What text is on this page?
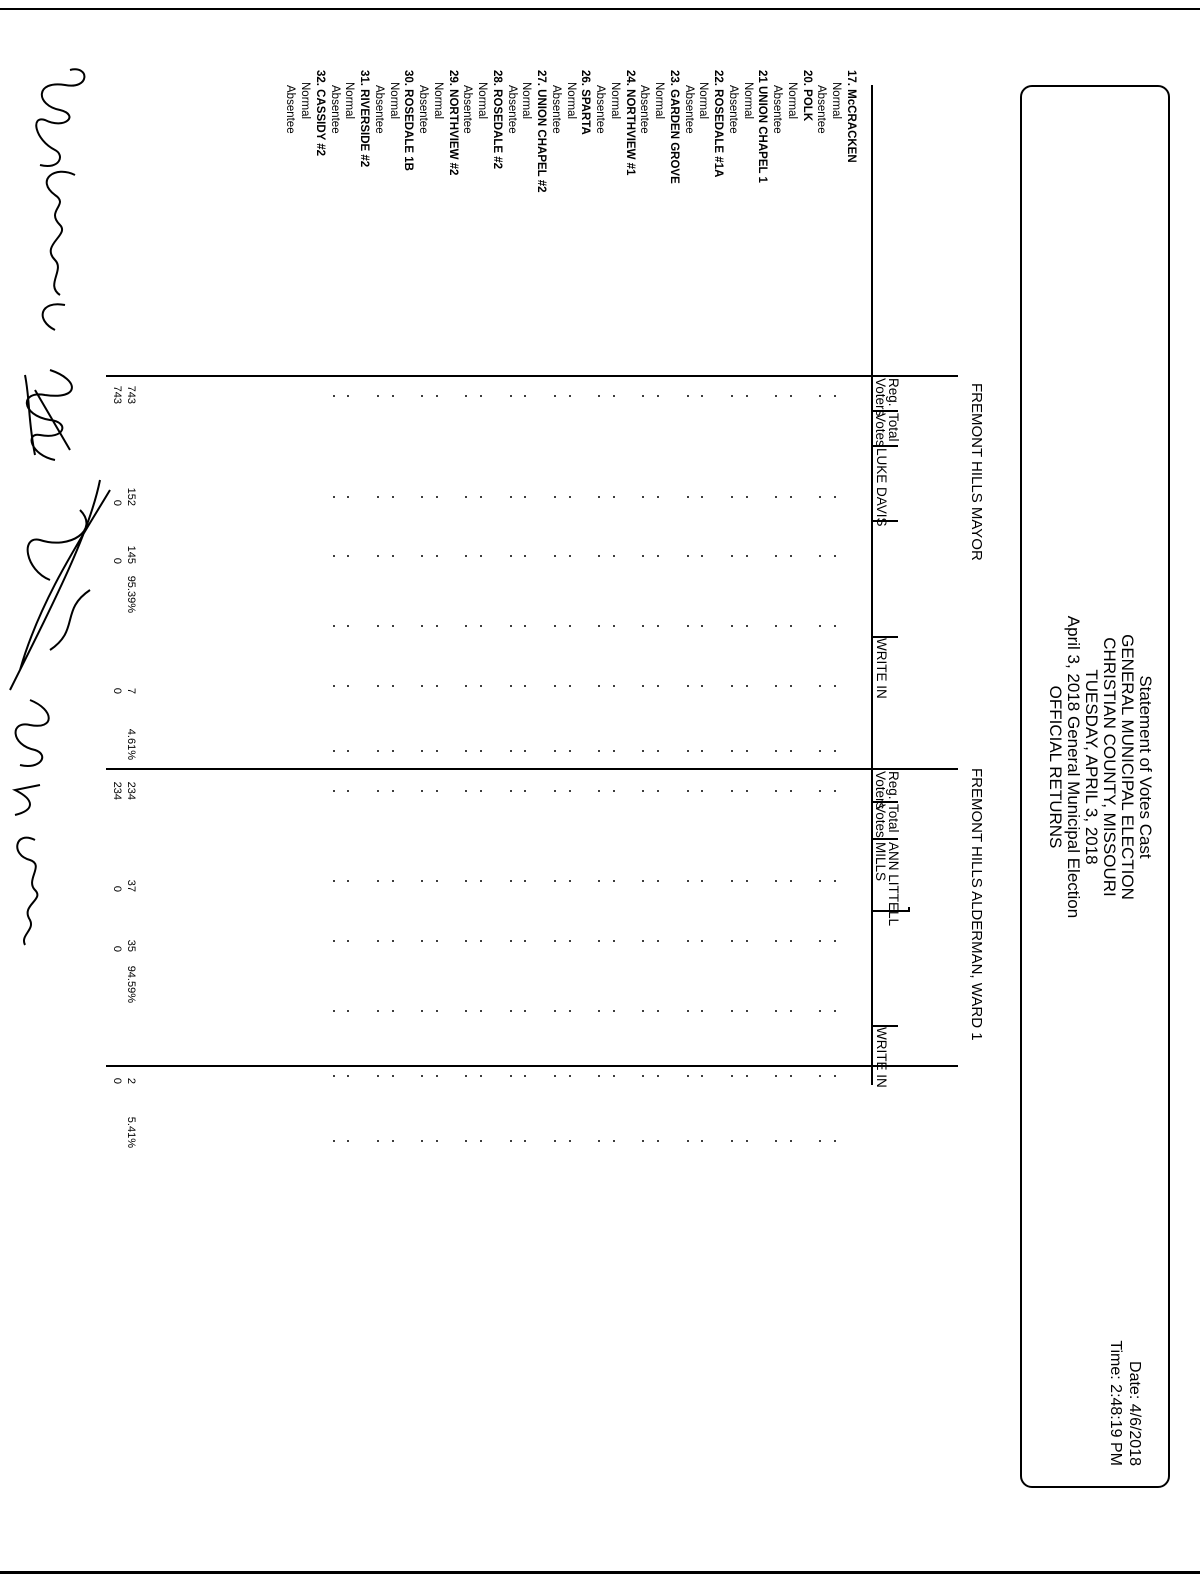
Statement of Votes Cast
GENERAL MUNICIPAL ELECTION
CHRISTIAN COUNTY, MISSOURI
TUESDAY, APRIL 3, 2018
April 3, 2018 General Municipal Election
OFFICIAL RETURNS
Date: 4/6/2018
Time: 2:48:19 PM
FREMONT HILLS MAYOR
FREMONT HILLS ALDERMAN, WARD 1
Reg.
Voters
Total
Votes
LUKE DAVIS
WRITE IN
Reg.
Voters
Total
Votes
ANN LITTELL
MILLS
WRITE IN
17. McCRACKEN
Normal
Absentee
20. POLK
Normal
Absentee
21 UNION CHAPEL 1
Normal
Absentee
22. ROSEDALE #1A
Normal
Absentee
23. GARDEN GROVE
Normal
Absentee
24. NORTHVIEW #1
Normal
Absentee
26. SPARTA
Normal
Absentee
27. UNION CHAPEL #2
Normal
Absentee
28. ROSEDALE #2
Normal
Absentee
29. NORTHVIEW #2
Normal
Absentee
30. ROSEDALE 1B
Normal
Absentee
31. RIVERSIDE #2
Normal
Absentee
32. CASSIDY #2
Normal
Absentee
743
743
152
0
145
0
95.39%
7
0
4.61%
234
234
37
0
35
0
94.59%
2
0
5.41%
